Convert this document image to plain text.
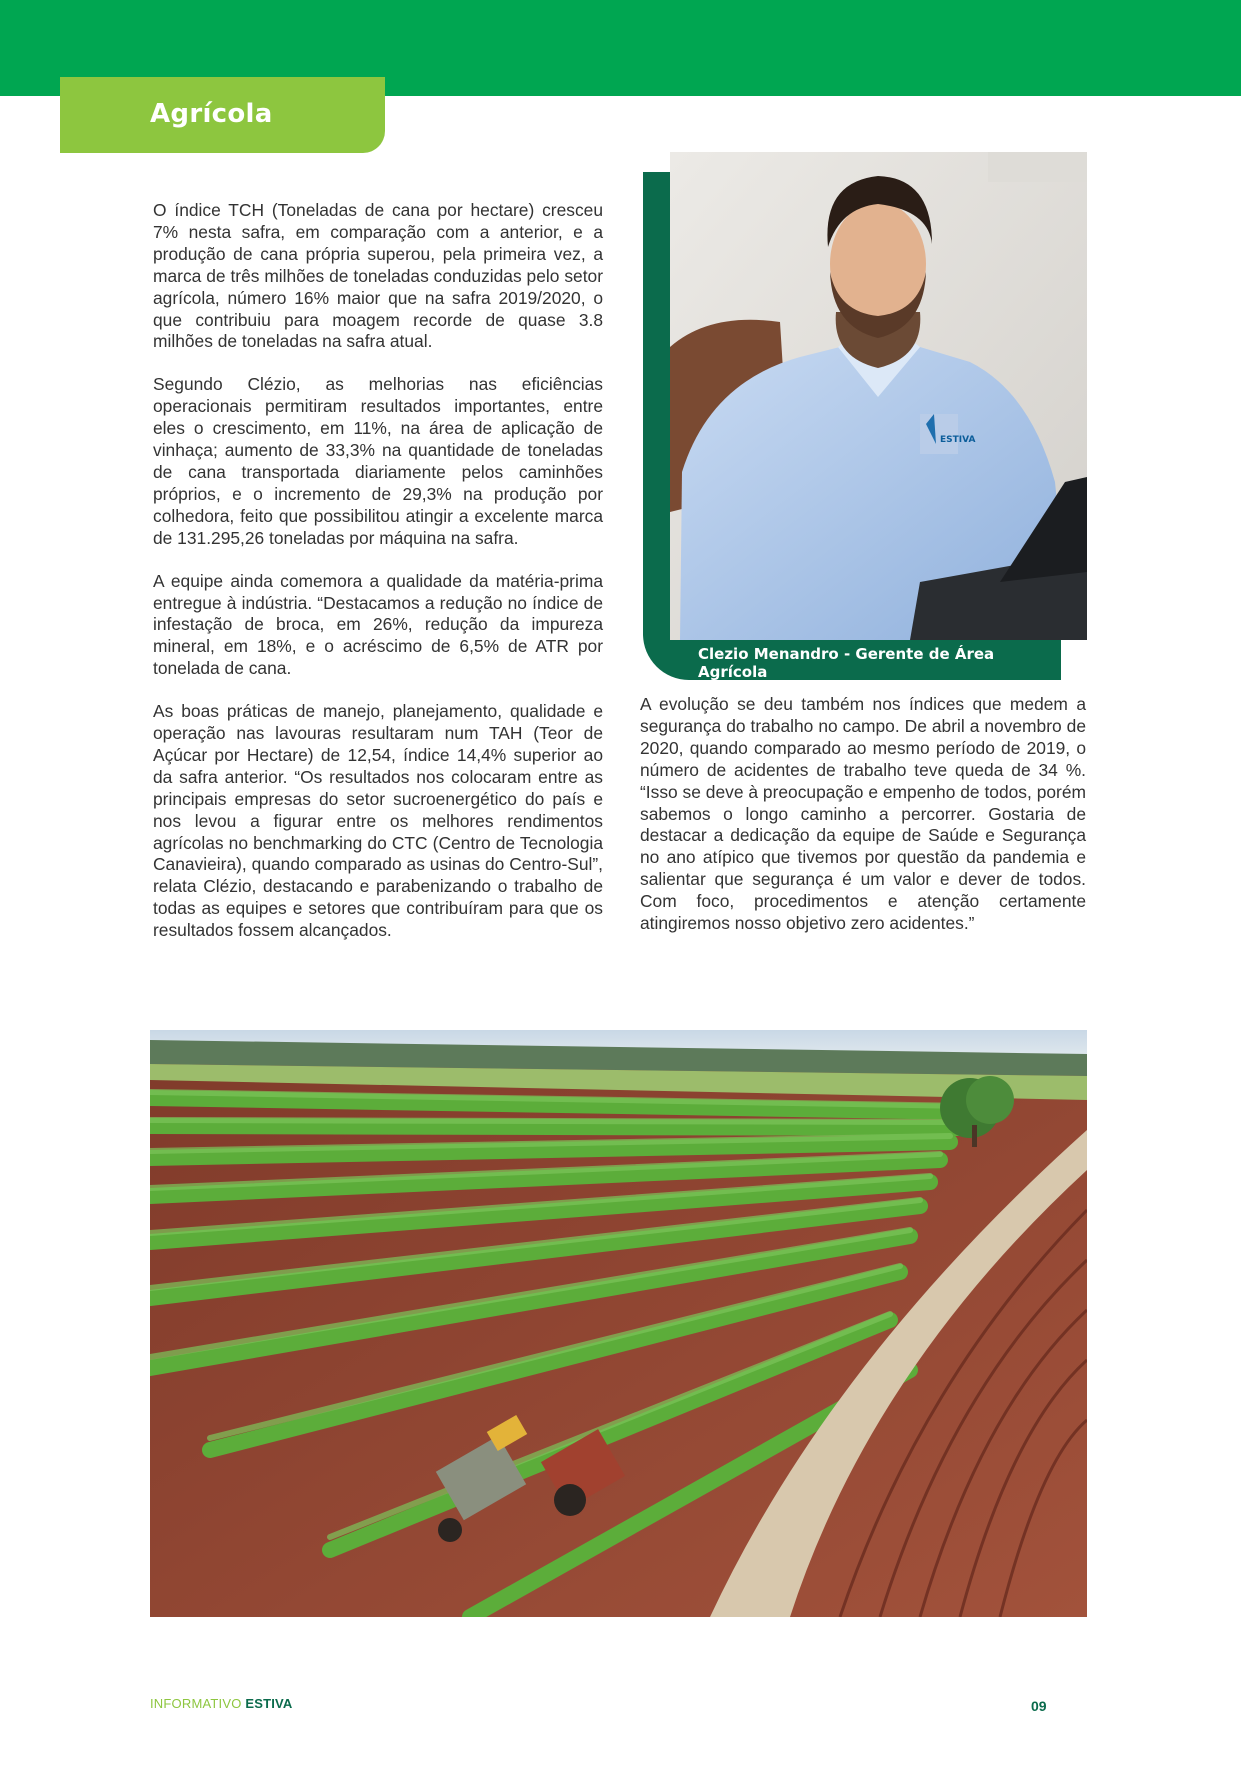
Agrícola

O índice TCH (Toneladas de cana por hectare) cresceu 7% nesta safra, em comparação com a anterior, e a produção de cana própria superou, pela primeira vez, a marca de três milhões de toneladas conduzidas pelo setor agrícola, número 16% maior que na safra 2019/2020, o que contribuiu para moagem recorde de quase 3.8 milhões de toneladas na safra atual.

Segundo Clézio, as melhorias nas eficiências operacionais permitiram resultados importantes, entre eles o crescimento, em 11%, na área de aplicação de vinhaça; aumento de 33,3% na quantidade de toneladas de cana transportada diariamente pelos caminhões próprios, e o incremento de 29,3% na produção por colhedora, feito que possibilitou atingir a excelente marca de 131.295,26 toneladas por máquina na safra.

A equipe ainda comemora a qualidade da matéria-prima entregue à indústria. “Destacamos a redução no índice de infestação de broca, em 26%, redução da impureza mineral, em 18%, e o acréscimo de 6,5% de ATR por tonelada de cana.

As boas práticas de manejo, planejamento, qualidade e operação nas lavouras resultaram num TAH (Teor de Açúcar por Hectare) de 12,54, índice 14,4% superior ao da safra anterior. “Os resultados nos colocaram entre as principais empresas do setor sucroenergético do país e nos levou a figurar entre os melhores rendimentos agrícolas no benchmarking do CTC (Centro de Tecnologia Canavieira), quando comparado as usinas do Centro-Sul”, relata Clézio, destacando e parabenizando o trabalho de todas as equipes e setores que contribuíram para que os resultados fossem alcançados.

ESTIVA
Clezio Menandro - Gerente de Área Agrícola

A evolução se deu também nos índices que medem a segurança do trabalho no campo. De abril a novembro de 2020, quando comparado ao mesmo período de 2019, o número de acidentes de trabalho teve queda de 34 %. “Isso se deve à preocupação e empenho de todos, porém sabemos o longo caminho a percorrer. Gostaria de destacar a dedicação da equipe de Saúde e Segurança no ano atípico que tivemos por questão da pandemia e salientar que segurança é um valor e dever de todos. Com foco, procedimentos e atenção certamente atingiremos nosso objetivo zero acidentes.”

INFORMATIVO ESTIVA	09
